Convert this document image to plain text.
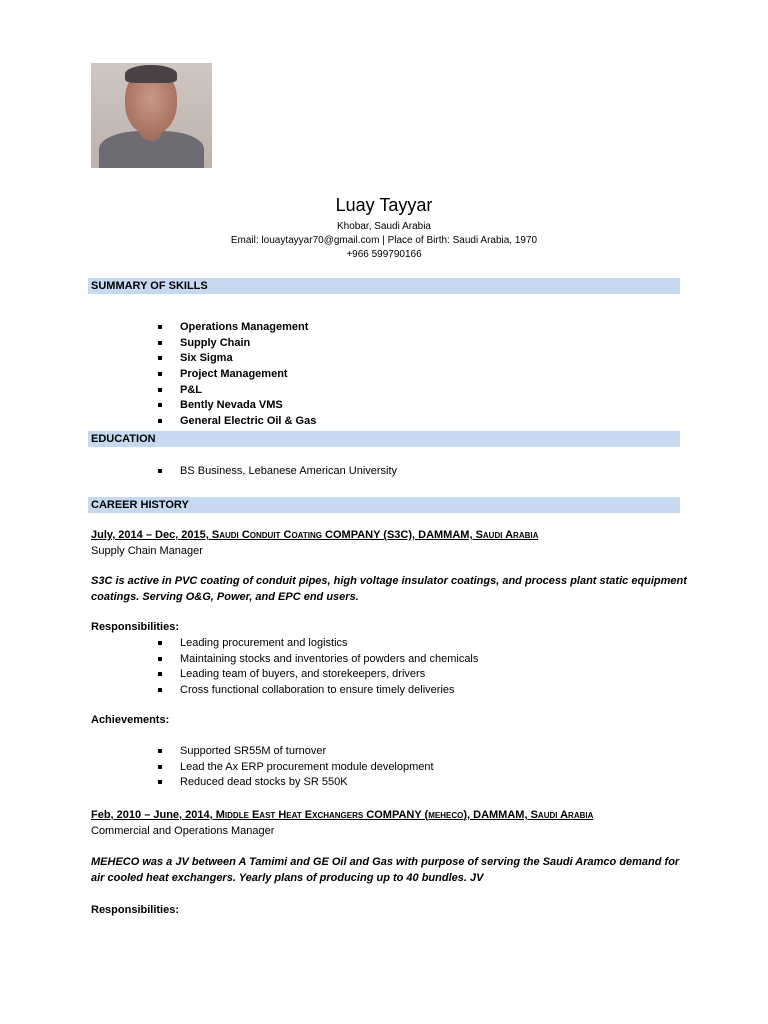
Luay Tayyar
Khobar, Saudi Arabia
Email: louaytayyar70@gmail.com | Place of Birth: Saudi Arabia, 1970
+966 599790166
SUMMARY OF SKILLS
Operations Management
Supply Chain
Six Sigma
Project Management
P&L
Bently Nevada VMS
General Electric Oil & Gas
EDUCATION
BS Business, Lebanese American University
CAREER HISTORY
July, 2014 – Dec, 2015, Saudi Conduit Coating COMPANY (S3C), DAMMAM, Saudi Arabia
Supply Chain Manager
S3C is active in PVC coating of conduit pipes, high voltage insulator coatings, and process plant static equipment
coatings. Serving O&G, Power, and EPC end users.
Responsibilities:
Leading procurement and logistics
Maintaining stocks and inventories of powders and chemicals
Leading team of buyers, and storekeepers, drivers
Cross functional collaboration to ensure timely deliveries
Achievements:
Supported SR55M of turnover
Lead the Ax ERP procurement module development
Reduced dead stocks by SR 550K
Feb, 2010 – June, 2014, Middle East Heat Exchangers COMPANY (meheco), DAMMAM, Saudi Arabia
Commercial and Operations Manager
MEHECO was a JV between A Tamimi and GE Oil and Gas with purpose of serving the Saudi Aramco demand for
air cooled heat exchangers. Yearly plans of producing up to 40 bundles. JV
Responsibilities:
